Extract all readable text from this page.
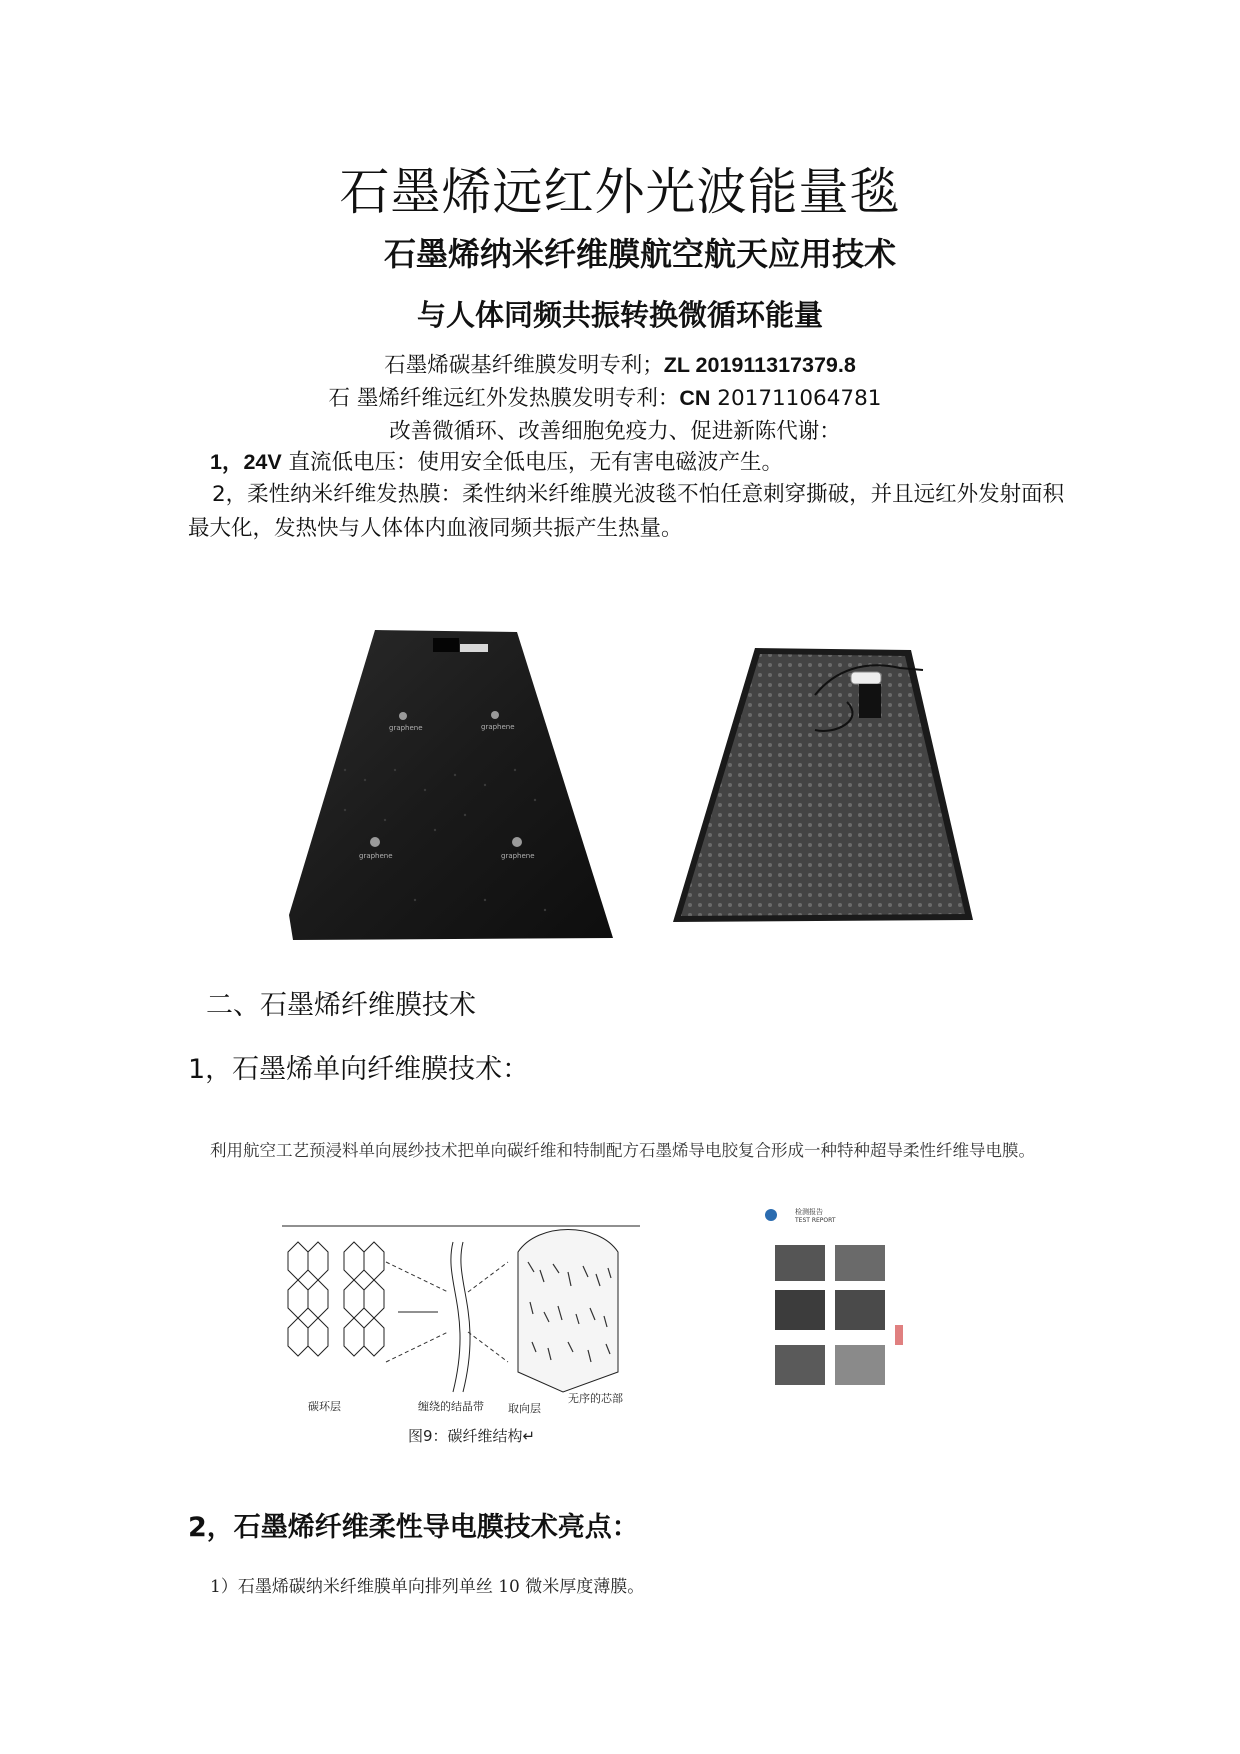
石墨烯远红外光波能量毯
石墨烯纳米纤维膜航空航天应用技术
与人体同频共振转换微循环能量
石墨烯碳基纤维膜发明专利；ZL 201911317379.8
石 墨烯纤维远红外发热膜发明专利：CN 201711064781
改善微循环、改善细胞免疫力、促进新陈代谢：
1，24V 直流低电压：使用安全低电压，无有害电磁波产生。
2，柔性纳米纤维发热膜：柔性纳米纤维膜光波毯不怕任意刺穿撕破，并且远红外发射面积最大化，发热快与人体体内血液同频共振产生热量。
graphene	graphene
graphene	graphene
二、石墨烯纤维膜技术
1，石墨烯单向纤维膜技术：
利用航空工艺预浸料单向展纱技术把单向碳纤维和特制配方石墨烯导电胶复合形成一种特种超导柔性纤维导电膜。
碳环层	缠绕的结晶带 取向层
无序的芯部
图9：碳纤维结构↵
检测报告
TEST REPORT
2，石墨烯纤维柔性导电膜技术亮点：
1）石墨烯碳纳米纤维膜单向排列单丝 10 微米厚度薄膜。
